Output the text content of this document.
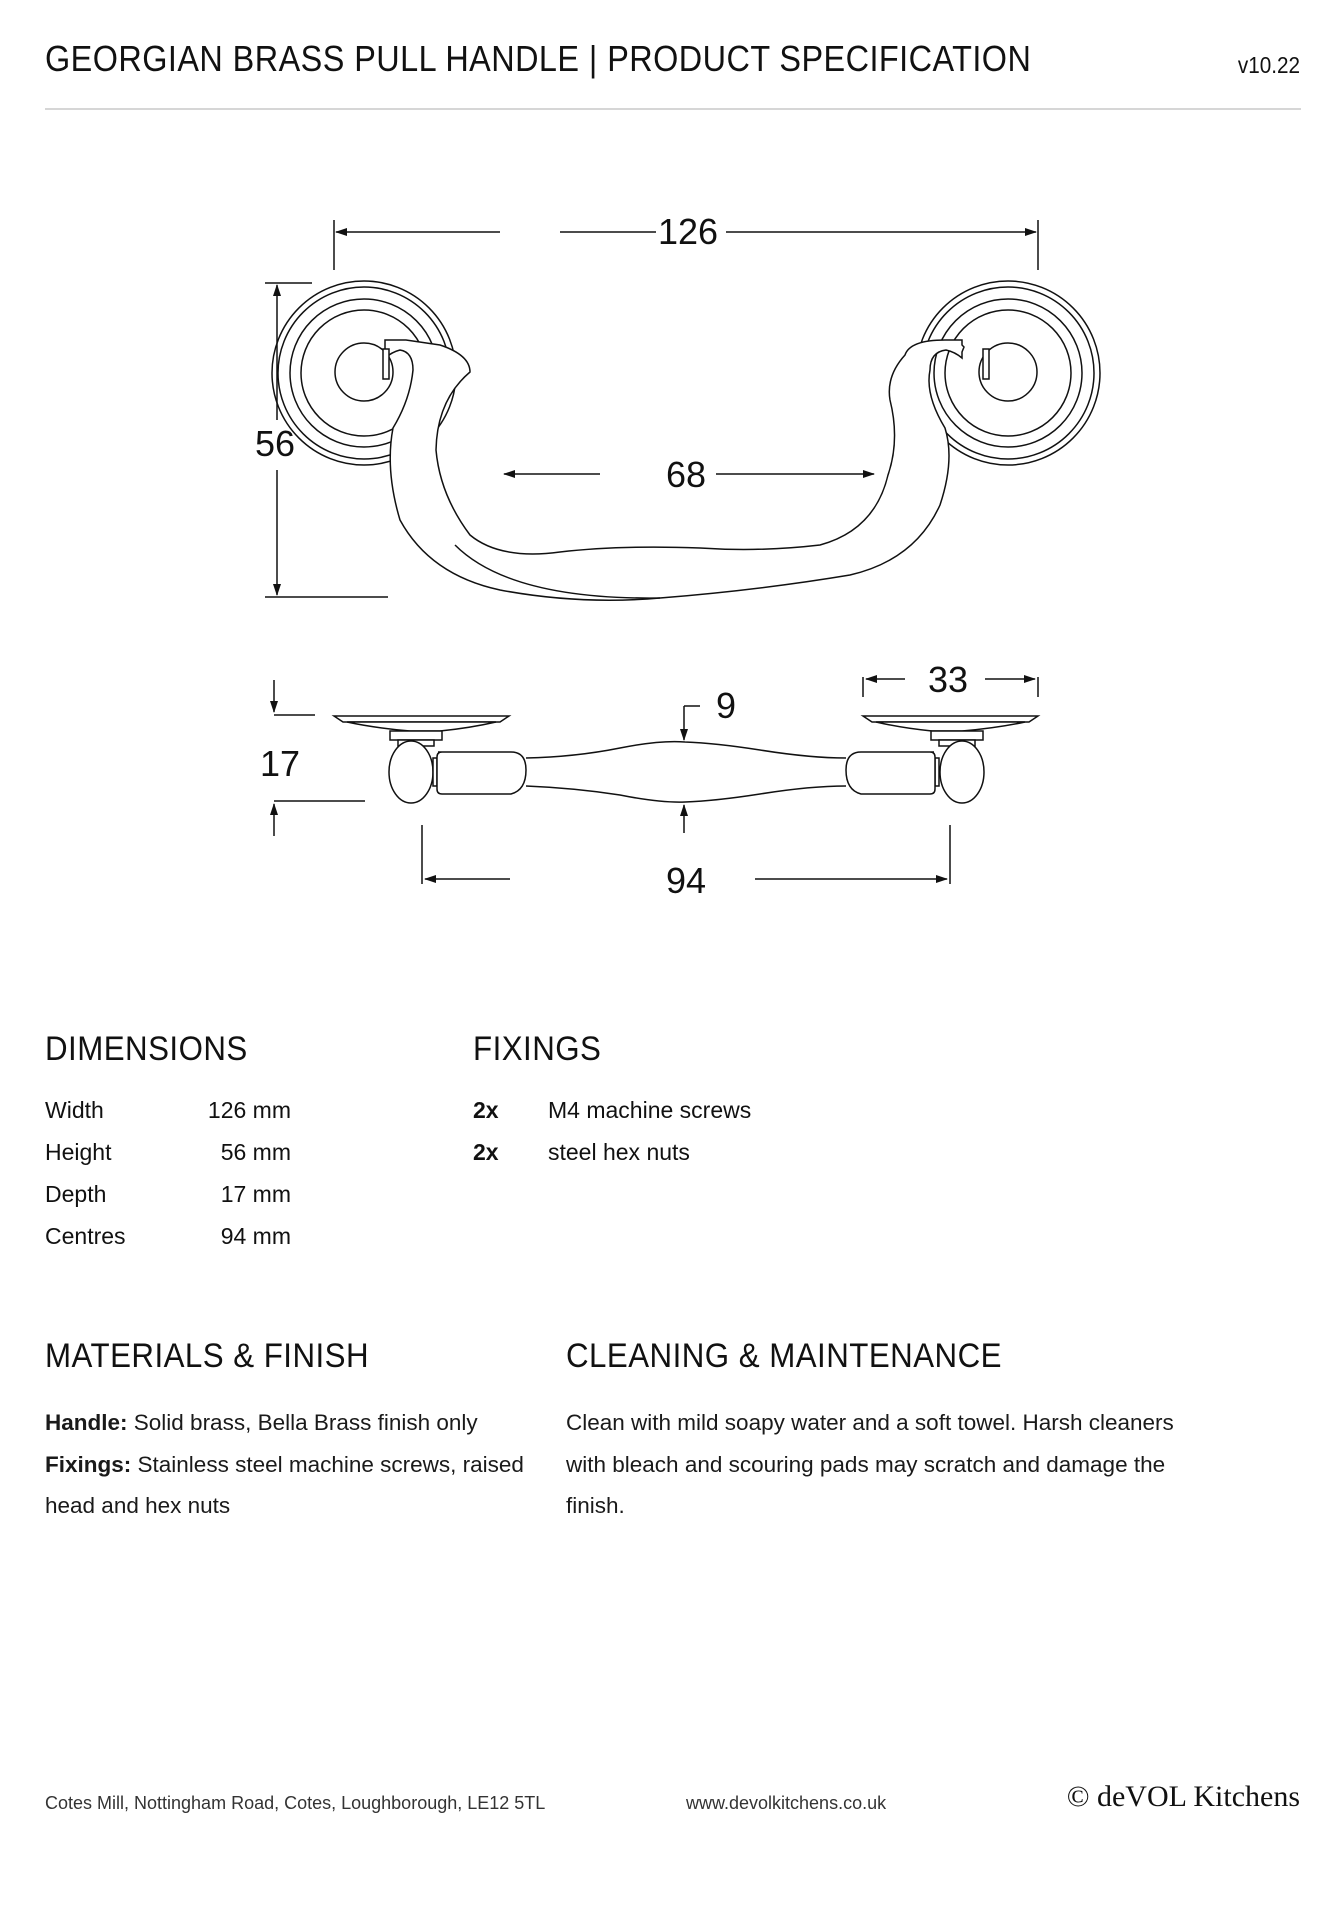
GEORGIAN BRASS PULL HANDLE | PRODUCT SPECIFICATION	v10.22
126
56
68
17
9
33
94
DIMENSIONS
Width	126 mm
Height	56 mm
Depth	17 mm
Centres	94 mm
FIXINGS
2x M4 machine screws
2x steel hex nuts
MATERIALS & FINISH
Handle: Solid brass, Bella Brass finish only
Fixings: Stainless steel machine screws, raised
head and hex nuts
CLEANING & MAINTENANCE
Clean with mild soapy water and a soft towel. Harsh cleaners
with bleach and scouring pads may scratch and damage the
finish.
Cotes Mill, Nottingham Road, Cotes, Loughborough, LE12 5TL	www.devolkitchens.co.uk	© deVOL Kitchens
